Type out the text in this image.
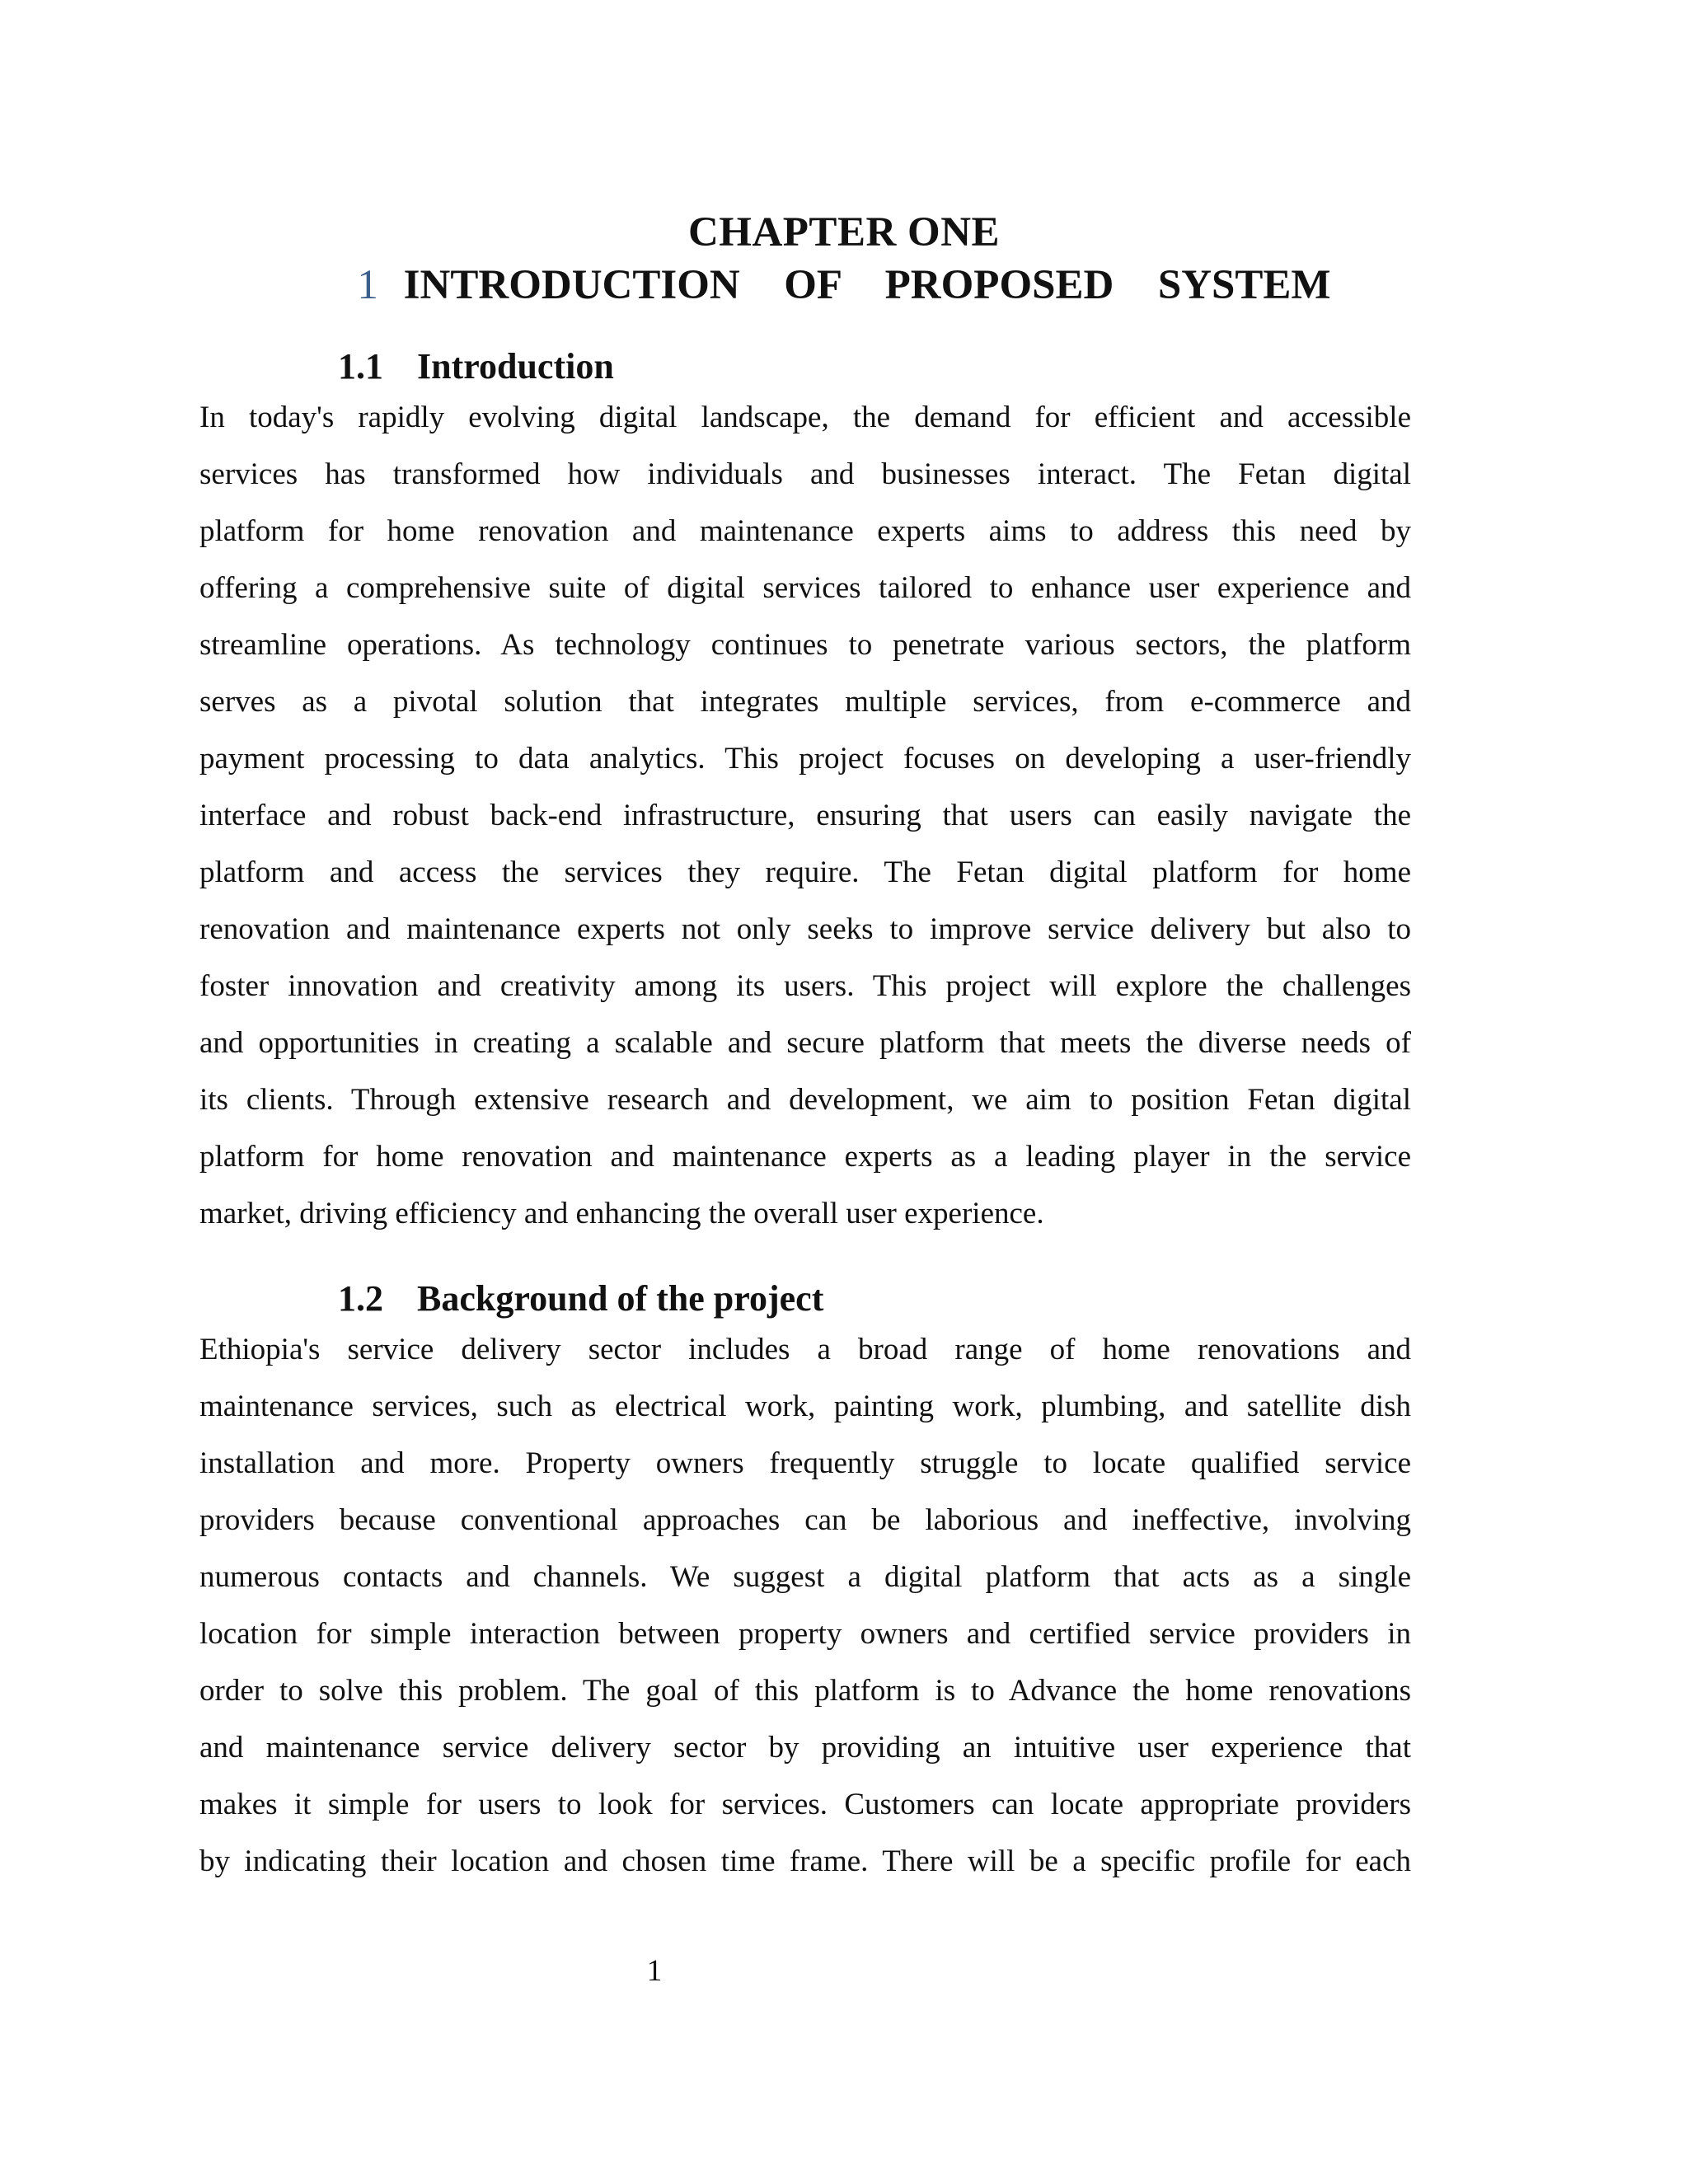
CHAPTER ONE
1 INTRODUCTION  OF  PROPOSED  SYSTEM
1.1 Introduction
In today's rapidly evolving digital landscape, the demand for efficient and accessible
services has transformed how individuals and businesses interact. The Fetan digital
platform for home renovation and maintenance experts aims to address this need by
offering a comprehensive suite of digital services tailored to enhance user experience and
streamline operations. As technology continues to penetrate various sectors, the platform
serves as a pivotal solution that integrates multiple services, from e-commerce and
payment processing to data analytics. This project focuses on developing a user-friendly
interface and robust back-end infrastructure, ensuring that users can easily navigate the
platform and access the services they require. The Fetan digital platform for home
renovation and maintenance experts not only seeks to improve service delivery but also to
foster innovation and creativity among its users. This project will explore the challenges
and opportunities in creating a scalable and secure platform that meets the diverse needs of
its clients. Through extensive research and development, we aim to position Fetan digital
platform for home renovation and maintenance experts as a leading player in the service
market, driving efficiency and enhancing the overall user experience.
1.2 Background of the project
Ethiopia's service delivery sector includes a broad range of home renovations and
maintenance services, such as electrical work, painting work, plumbing, and satellite dish
installation and more. Property owners frequently struggle to locate qualified service
providers because conventional approaches can be laborious and ineffective, involving
numerous contacts and channels. We suggest a digital platform that acts as a single
location for simple interaction between property owners and certified service providers in
order to solve this problem. The goal of this platform is to Advance the home renovations
and maintenance service delivery sector by providing an intuitive user experience that
makes it simple for users to look for services. Customers can locate appropriate providers
by indicating their location and chosen time frame. There will be a specific profile for each
1
